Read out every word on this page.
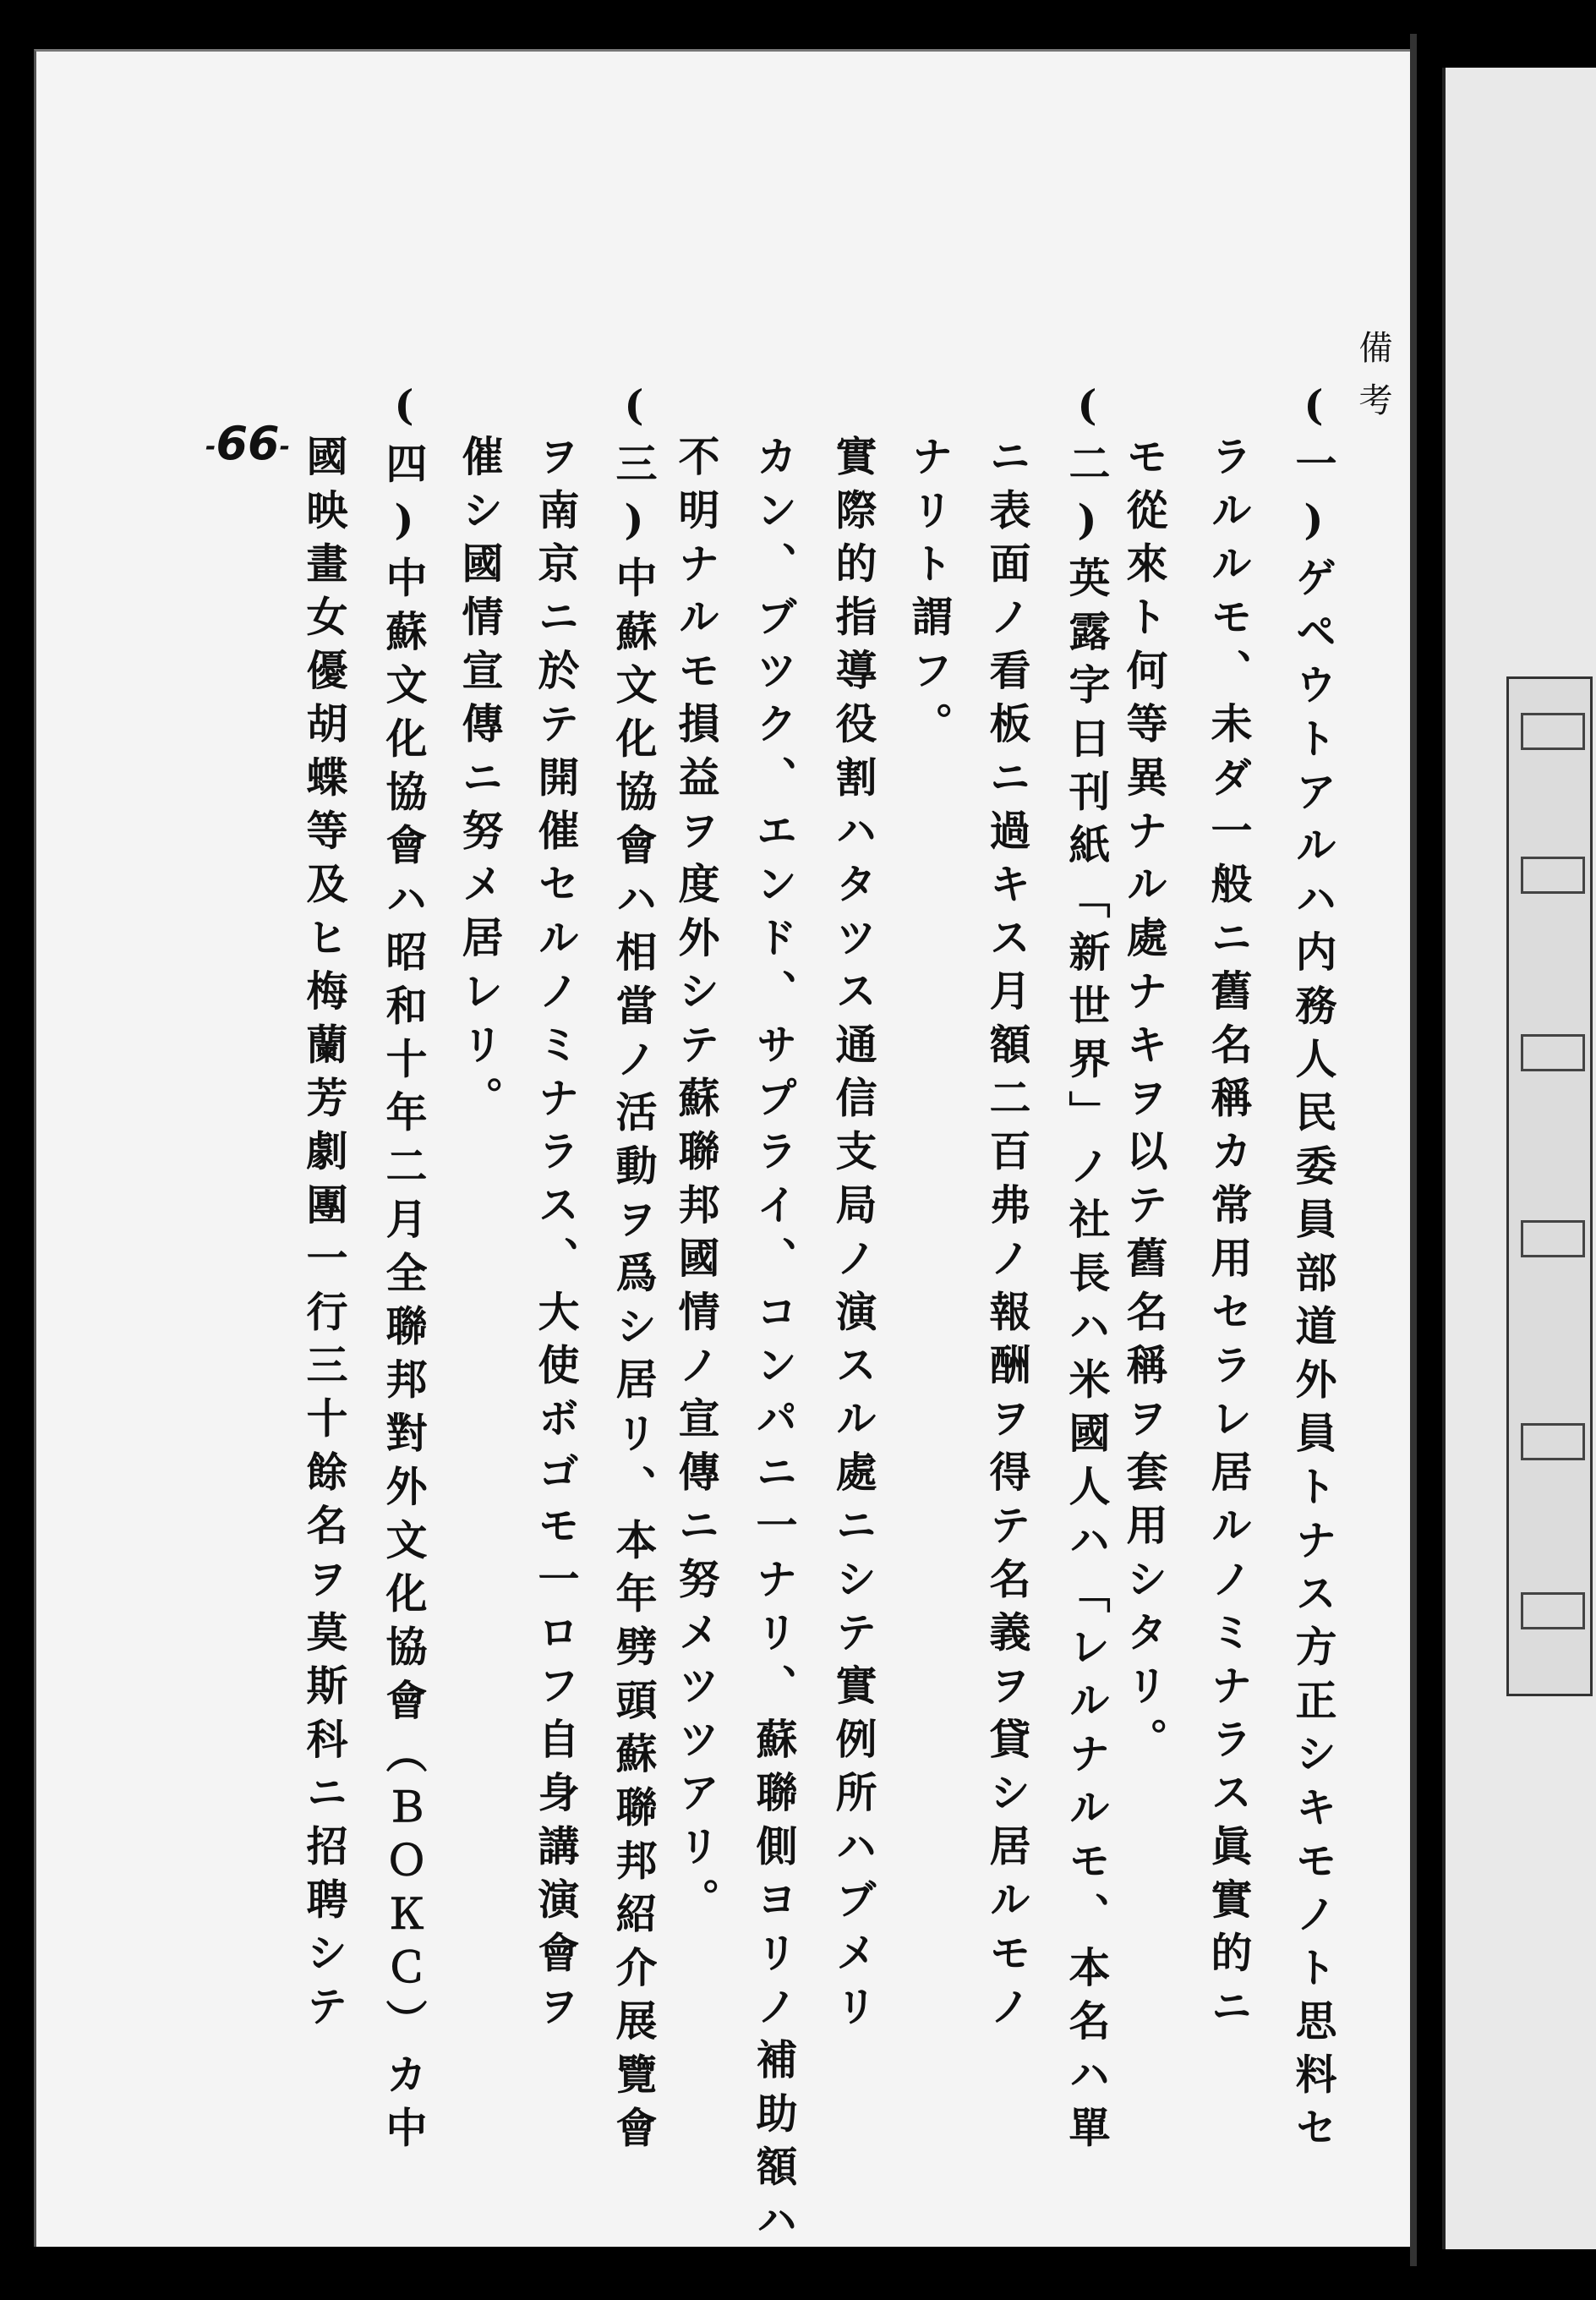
-66-
備考
(一)ゲペウトアルハ内務人民委員部道外員トナス方正シキモノト思料セ
ラルルモ、未ダ一般ニ舊名稱カ常用セラレ居ルノミナラス眞實的ニ
モ從來ト何等異ナル處ナキヲ以テ舊名稱ヲ套用シタリ。
(二)英露字日刊紙「新世界」ノ社長ハ米國人ハ「レルナルモ、本名ハ單
ニ表面ノ看板ニ過キス月額二百弗ノ報酬ヲ得テ名義ヲ貸シ居ルモノ
ナリト謂フ。
實際的指導役割ハタツス通信支局ノ演スル處ニシテ實例所ハブメリ
カン、ブツク、エンド、サプライ、コンパニ一ナリ、蘇聯側ヨリノ補助額ハ
不明ナルモ損益ヲ度外シテ蘇聯邦國情ノ宣傳ニ努メツツアリ。
(三)中蘇文化協會ハ相當ノ活動ヲ爲シ居リ、本年劈頭蘇聯邦紹介展覽會
ヲ南京ニ於テ開催セルノミナラス、大使ボゴモ一ロフ自身講演會ヲ
催シ國情宣傳ニ努メ居レリ。
(四)中蘇文化協會ハ昭和十年二月全聯邦對外文化協會（ＢＯＫＣ）カ中
國映畫女優胡蝶等及ヒ梅蘭芳劇團一行三十餘名ヲ莫斯科ニ招聘シテ
